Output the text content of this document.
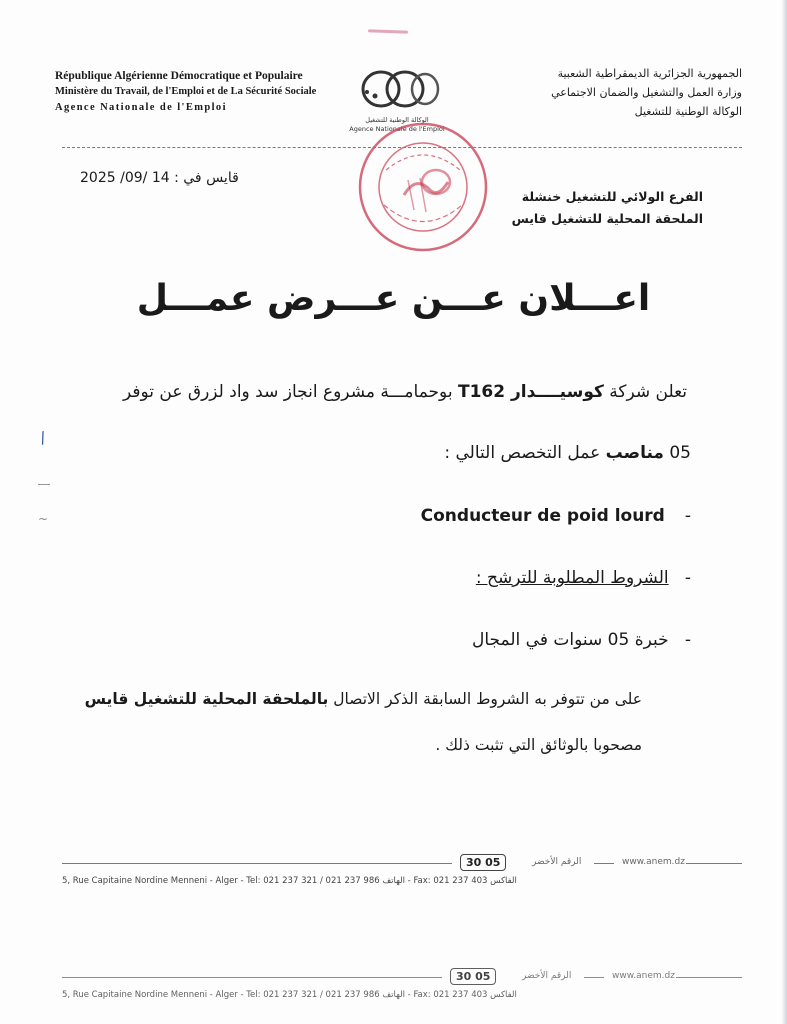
République Algérienne Démocratique et Populaire
Ministère du Travail, de l'Emploi et de La Sécurité Sociale
Agence Nationale de l'Emploi
الجمهورية الجزائرية الديمقراطية الشعبية
وزارة العمل والتشغيل والضمان الاجتماعي
الوكالة الوطنية للتشغيل
الوكالة الوطنية للتشغيل
Agence Nationale de l'Emploi
قايس في : 14 /09/ 2025
الفرع الولائي للتشغيل خنشلة
الملحقة المحلية للتشغيل قايس
اعـــلان عـــن عـــرض عمـــل
تعلن شركة كوسيــــدار T162 بوحمامـــة مشروع انجاز سد واد لزرق عن توفر
05 مناصب عمل التخصص التالي :
Conducteur de poid lourd -
-   الشروط المطلوبة للترشح :
-   خبرة 05 سنوات في المجال
على من تتوفر به الشروط السابقة الذكر الاتصال بالملحقة المحلية للتشغيل قايس
مصحوبا بالوثائق التي تثبت ذلك .
/
~
30 05	الرقم الأخضر	www.anem.dz
5, Rue Capitaine Nordine Menneni - Alger - Tel: 021 237 321 / 021 237 986 الهاتف - Fax: 021 237 403 الفاكس
30 05	الرقم الأخضر	www.anem.dz
5, Rue Capitaine Nordine Menneni - Alger - Tel: 021 237 321 / 021 237 986 الهاتف - Fax: 021 237 403 الفاكس
